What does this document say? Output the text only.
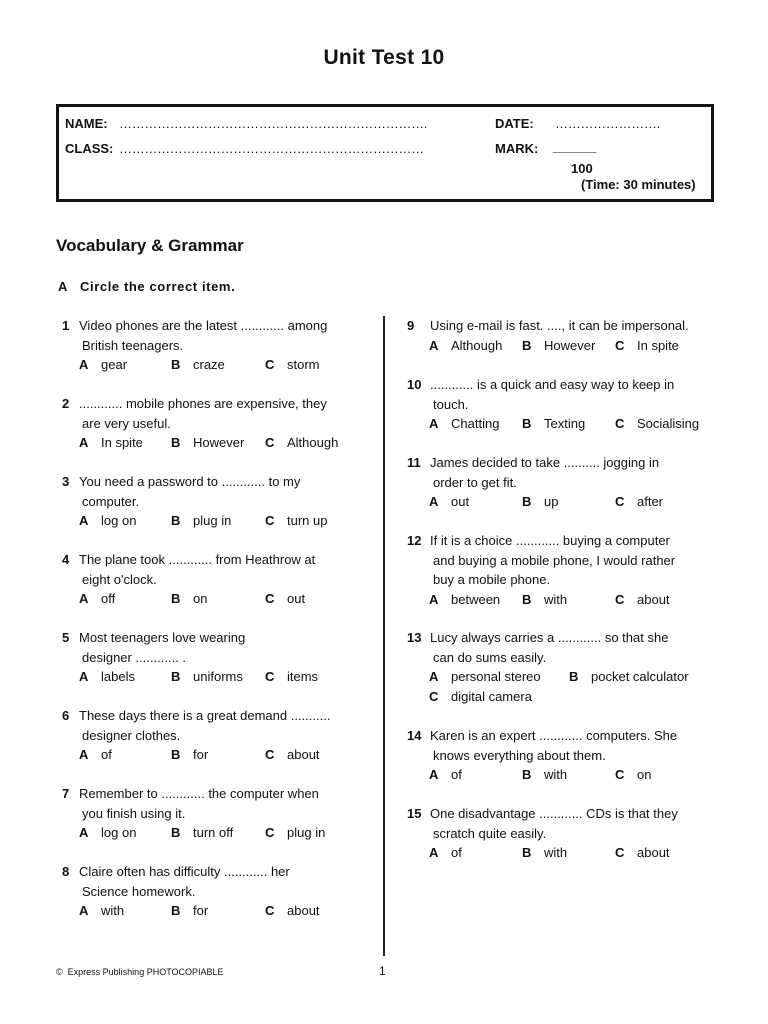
Unit Test 10
NAME: ……………………………………………………………….	DATE: …………………….
CLASS: ………………………………………………………………	MARK: ______
100
(Time: 30 minutes)
Vocabulary & Grammar
A Circle the correct item.
1 Video phones are the latest ............ among
British teenagers.
A gear	B craze	C storm
2 ............ mobile phones are expensive, they
are very useful.
A In spite B However C Although
3 You need a password to ............ to my
computer.
A log on	B plug in	C turn up
4 The plane took ............ from Heathrow at
eight o'clock.
A off	B on	C out
5 Most teenagers love wearing
designer ............ .
A labels	B uniforms C items
6 These days there is a great demand ...........
designer clothes.
A of	B for	C about
7 Remember to ............ the computer when
you finish using it.
A log on	B turn off C plug in
8 Claire often has difficulty ............ her
Science homework.
A with	B for	C about
9 Using e-mail is fast. ...., it can be impersonal.
A Although B However C In spite
10 ............ is a quick and easy way to keep in
touch.
A Chatting B Texting C Socialising
11 James decided to take .......... jogging in
order to get fit.
A out	B up	C after
12 If it is a choice ............ buying a computer
and buying a mobile phone, I would rather
buy a mobile phone.
A between B with	C about
13 Lucy always carries a ............ so that she
can do sums easily.
A personal stereo B pocket calculator
C digital camera
14 Karen is an expert ............ computers. She
knows everything about them.
A of	B with	C on
15 One disadvantage ............ CDs is that they
scratch quite easily.
A of	B with	C about
© Express Publishing PHOTOCOPIABLE	1
